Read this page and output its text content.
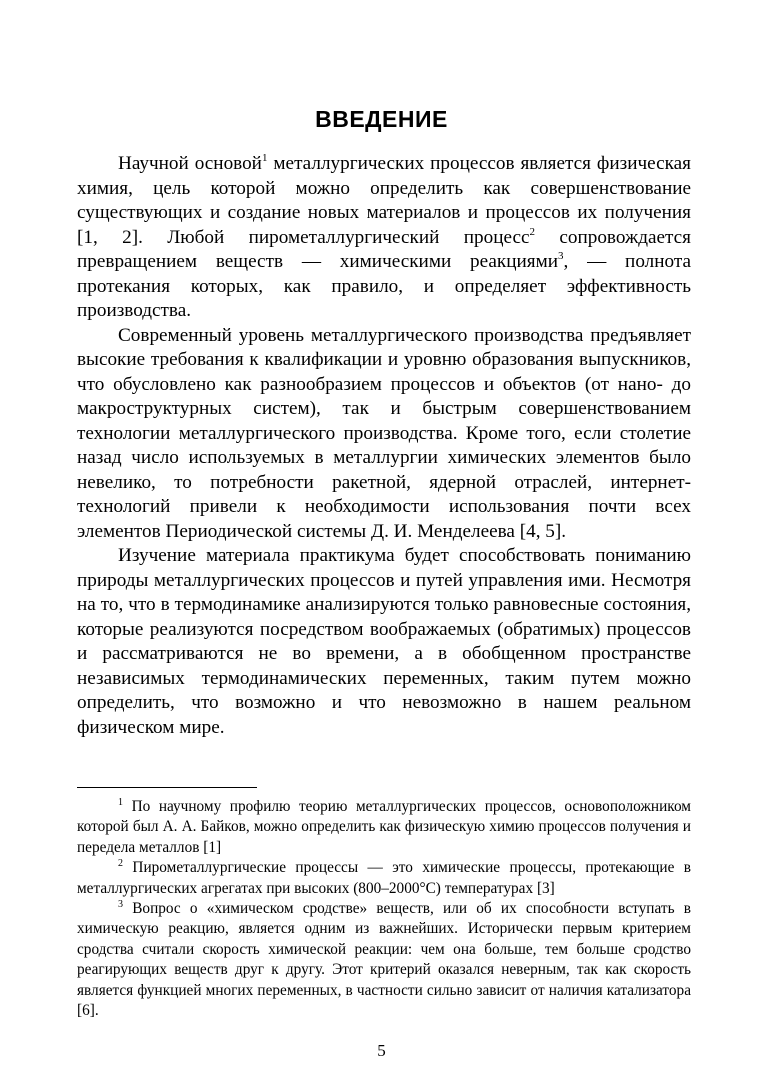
ВВЕДЕНИЕ

Научной основой$^1$ металлургических процессов является физическая химия, цель которой можно определить как совершенствование существующих и создание новых материалов и процессов их получения [1, 2]. Любой пирометаллургический процесс$^2$ сопровождается превращением веществ — химическими реакциями$^3$, — полнота протекания которых, как правило, и определяет эффективность производства.

Современный уровень металлургического производства предъявляет высокие требования к квалификации и уровню образования выпускников, что обусловлено как разнообразием процессов и объектов (от нано- до макроструктурных систем), так и быстрым совершенствованием технологии металлургического производства. Кроме того, если столетие назад число используемых в металлургии химических элементов было невелико, то потребности ракетной, ядерной отраслей, интернет-технологий привели к необходимости использования почти всех элементов Периодической системы Д. И. Менделеева [4, 5].

Изучение материала практикума будет способствовать пониманию природы металлургических процессов и путей управления ими. Несмотря на то, что в термодинамике анализируются только равновесные состояния, которые реализуются посредством воображаемых (обратимых) процессов и рассматриваются не во времени, а в обобщенном пространстве независимых термодинамических переменных, таким путем можно определить, что возможно и что невозможно в нашем реальном физическом мире.

$^1$ По научному профилю теорию металлургических процессов, основоположником которой был А. А. Байков, можно определить как физическую химию процессов получения и передела металлов [1]

$^2$ Пирометаллургические процессы — это химические процессы, протекающие в металлургических агрегатах при высоких (800–2000°С) температурах [3]

$^3$ Вопрос о «химическом сродстве» веществ, или об их способности вступать в химическую реакцию, является одним из важнейших. Исторически первым критерием сродства считали скорость химической реакции: чем она больше, тем больше сродство реагирующих веществ друг к другу. Этот критерий оказался неверным, так как скорость является функцией многих переменных, в частности сильно зависит от наличия катализатора [6].

5
